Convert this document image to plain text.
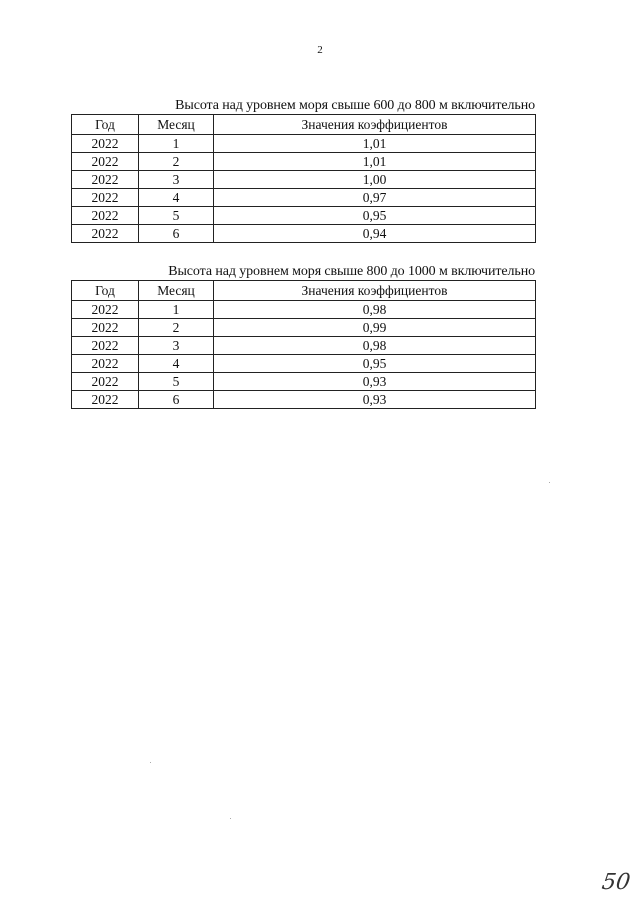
2
Высота над уровнем моря свыше 600 до 800 м включительно
Год	Месяц	Значения коэффициентов
2022	1	1,01
2022	2	1,01
2022	3	1,00
2022	4	0,97
2022	5	0,95
2022	6	0,94
Высота над уровнем моря свыше 800 до 1000 м включительно
Год	Месяц	Значения коэффициентов
2022	1	0,98
2022	2	0,99
2022	3	0,98
2022	4	0,95
2022	5	0,93
2022	6	0,93
50
